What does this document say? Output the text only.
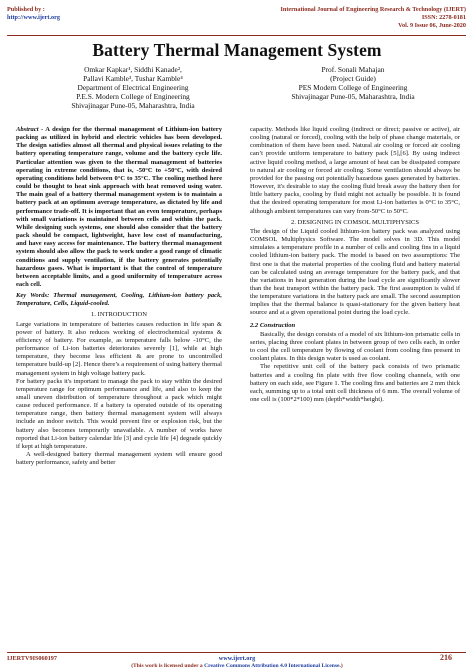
Published by :
http://www.ijert.org
International Journal of Engineering Research & Technology (IJERT)
ISSN: 2278-0181
Vol. 9 Issue 06, June-2020
Battery Thermal Management System
Omkar Kapkar¹, Siddhi Kanade²,
Pallavi Kamble³, Tushar Kamble⁴
Department of Electrical Engineering
P.E.S. Modern College of Engineering
Shivajinagar Pune-05, Maharashtra, India
Prof. Sonali Mahajan
(Project Guide)
PES Modern College of Engineering
Shivajinagar Pune-05, Maharashtra, India

Abstract - A design for the thermal management of Lithium-ion battery packing as utilized in hybrid and electric vehicles has been developed. The design satisfies almost all thermal and physical issues relating to the battery operating temperature range, volume and the battery cycle life. Particular attention was given to the thermal management of batteries operating in extreme conditions, that is, -50°C to +50°C, with desired operating conditions held between 0°C to 35°C. The cooling method here could be thought to heat sink approach with heat removed using water. The main goal of a battery thermal management system is to maintain a battery pack at an optimum average temperature, as dictated by life and performance trade-off. It is important that an even temperature, perhaps with small variations is maintained between cells and within the pack. While designing such systems, one should also consider that the battery pack should be compact, lightweight, have low cost of manufacturing, and have easy access for maintenance. The battery thermal management system should also allow the pack to work under a good range of climatic conditions and supply ventilation, if the battery generates potentially hazardous gases. What is important is that the control of temperature between acceptable limits, and a good uniformity of temperature across each cell.

Key Words: Thermal management, Cooling, Lithium-ion battery pack, Temperature, Cells, Liquid-cooled.

1. INTRODUCTION

Large variations in temperature of batteries causes reduction in life span & power of battery. It also reduces working of electrochemical systems & efficiency of battery. For example, as temperature falls below -10°C, the performance of Li-ion batteries deteriorates severely [1], while at high temperature, they become less efficient & are prone to uncontrolled temperature build-up [2]. Hence there’s a requirement of using battery thermal management system in high voltage battery pack.

For battery packs it's important to manage the pack to stay within the desired temperature range for optimum performance and life, and also to keep the small uneven distribution of temperature throughout a pack which might cause reduced performance. If a battery is operated outside of its operating temperature range, then battery thermal management system will always include an indoor switch. This would prevent fire or explosion risk, but the battery also becomes temporarily unavailable. A number of works have reported that Li-ion battery calendar life [3] and cycle life [4] degrade quickly if kept at high temperature.

A well-designed battery thermal management system will ensure good battery performance, safety and better

capacity. Methods like liquid cooling (indirect or direct; passive or active), air cooling (natural or forced), cooling with the help of phase change materials, or combination of them have been used. Natural air cooling or forced air cooling can’t provide uniform temperature to battery pack [5],[6]. By using indirect active liquid cooling method, a large amount of heat can be dissipated compare to natural air cooling or forced air cooling. Some ventilation should always be provided for the passing out potentially hazardous gases generated by batteries. However, it's desirable to stay the cooling fluid break away the battery then for little battery packs, cooling by fluid might not actually be possible. It is found that the desired operating temperature for most Li-ion batteries is 0°C to 35°C, although ambient temperatures can vary from-50°C to 50°C.

2. DESIGNING IN COMSOL MULTIPHYSICS

The design of the Liquid cooled lithium-ion battery pack was analyzed using COMSOL Multiphysics Software. The model solves in 3D. This model simulates a temperature profile in a number of cells and cooling fins in a liquid cooled lithium-ion battery pack. The model is based on two assumptions: The first one is that the material properties of the cooling fluid and battery material can be calculated using an average temperature for the battery pack, and that the variations in heat generation during the load cycle are significantly slower than the heat transport within the battery pack. The first assumption is valid if the temperature variations in the battery pack are small. The second assumption implies that the thermal balance is quasi-stationary for the given battery heat source and at a given operational point during the load cycle.

2.2 Construction

Basically, the design consists of a model of six lithium-ion prismatic cells in series, placing three coolant plates in between group of two cells each, in order to cool the cell temperature by flowing of coolant from cooling fins present in coolant plates. In this design water is used as coolant.

The repetitive unit cell of the battery pack consists of two prismatic batteries and a cooling fin plate with five flow cooling channels, with one battery on each side, see Figure 1. The cooling fins and batteries are 2 mm thick each, summing up to a total unit cell thickness of 6 mm. The overall volume of one cell is (100*2*100) mm (depth*width*height).

IJERTV9IS060197	www.ijert.org	216
(This work is licensed under a Creative Commons Attribution 4.0 International License.)
